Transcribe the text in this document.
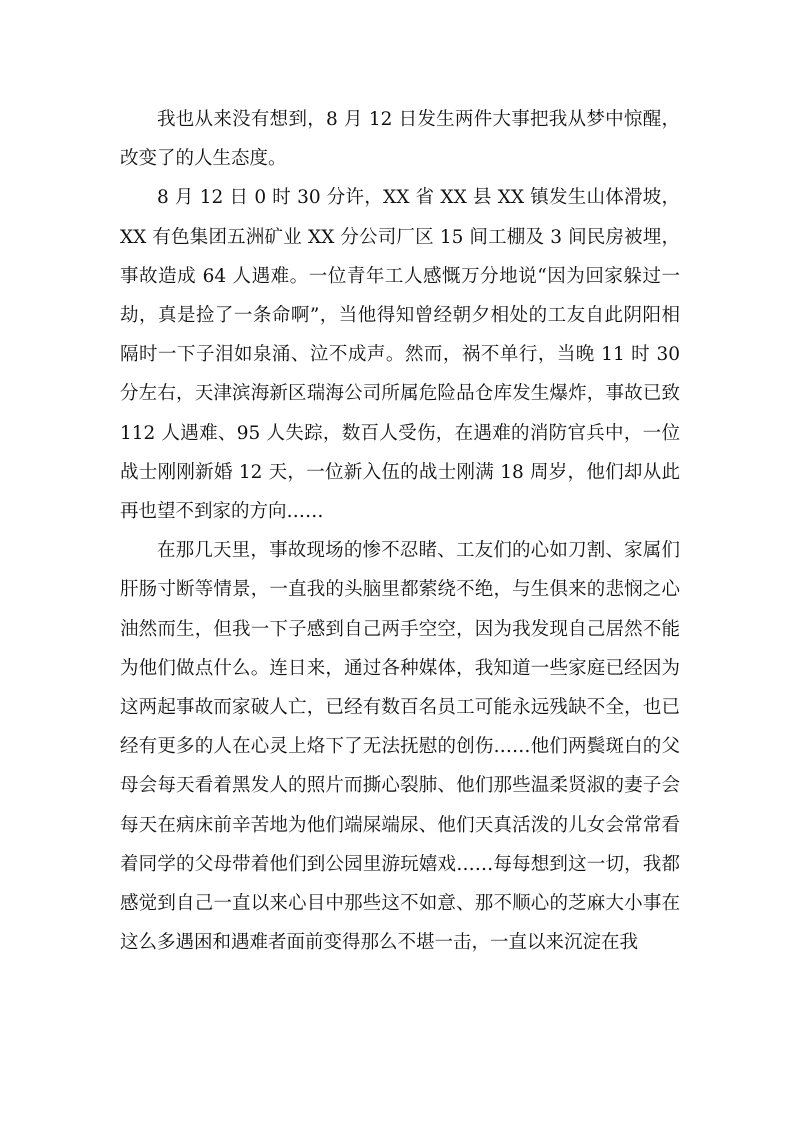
我也从来没有想到，8 月 12 日发生两件大事把我从梦中惊醒，改变了的人生态度。

8 月 12 日 0 时 30 分许，XX 省 XX 县 XX 镇发生山体滑坡，XX 有色集团五洲矿业 XX 分公司厂区 15 间工棚及 3 间民房被埋，事故造成 64 人遇难。一位青年工人感慨万分地说“因为回家躲过一劫，真是捡了一条命啊”，当他得知曾经朝夕相处的工友自此阴阳相隔时一下子泪如泉涌、泣不成声。然而，祸不单行，当晚 11 时 30 分左右，天津滨海新区瑞海公司所属危险品仓库发生爆炸，事故已致 112 人遇难、95 人失踪，数百人受伤，在遇难的消防官兵中，一位战士刚刚新婚 12 天，一位新入伍的战士刚满 18 周岁，他们却从此再也望不到家的方向……

在那几天里，事故现场的惨不忍睹、工友们的心如刀割、家属们肝肠寸断等情景，一直我的头脑里都萦绕不绝，与生俱来的悲悯之心油然而生，但我一下子感到自己两手空空，因为我发现自己居然不能为他们做点什么。连日来，通过各种媒体，我知道一些家庭已经因为这两起事故而家破人亡，已经有数百名员工可能永远残缺不全，也已经有更多的人在心灵上烙下了无法抚慰的创伤……他们两鬓斑白的父母会每天看着黑发人的照片而撕心裂肺、他们那些温柔贤淑的妻子会每天在病床前辛苦地为他们端屎端尿、他们天真活泼的儿女会常常看着同学的父母带着他们到公园里游玩嬉戏……每每想到这一切，我都感觉到自己一直以来心目中那些这不如意、那不顺心的芝麻大小事在这么多遇困和遇难者面前变得那么不堪一击，一直以来沉淀在我
